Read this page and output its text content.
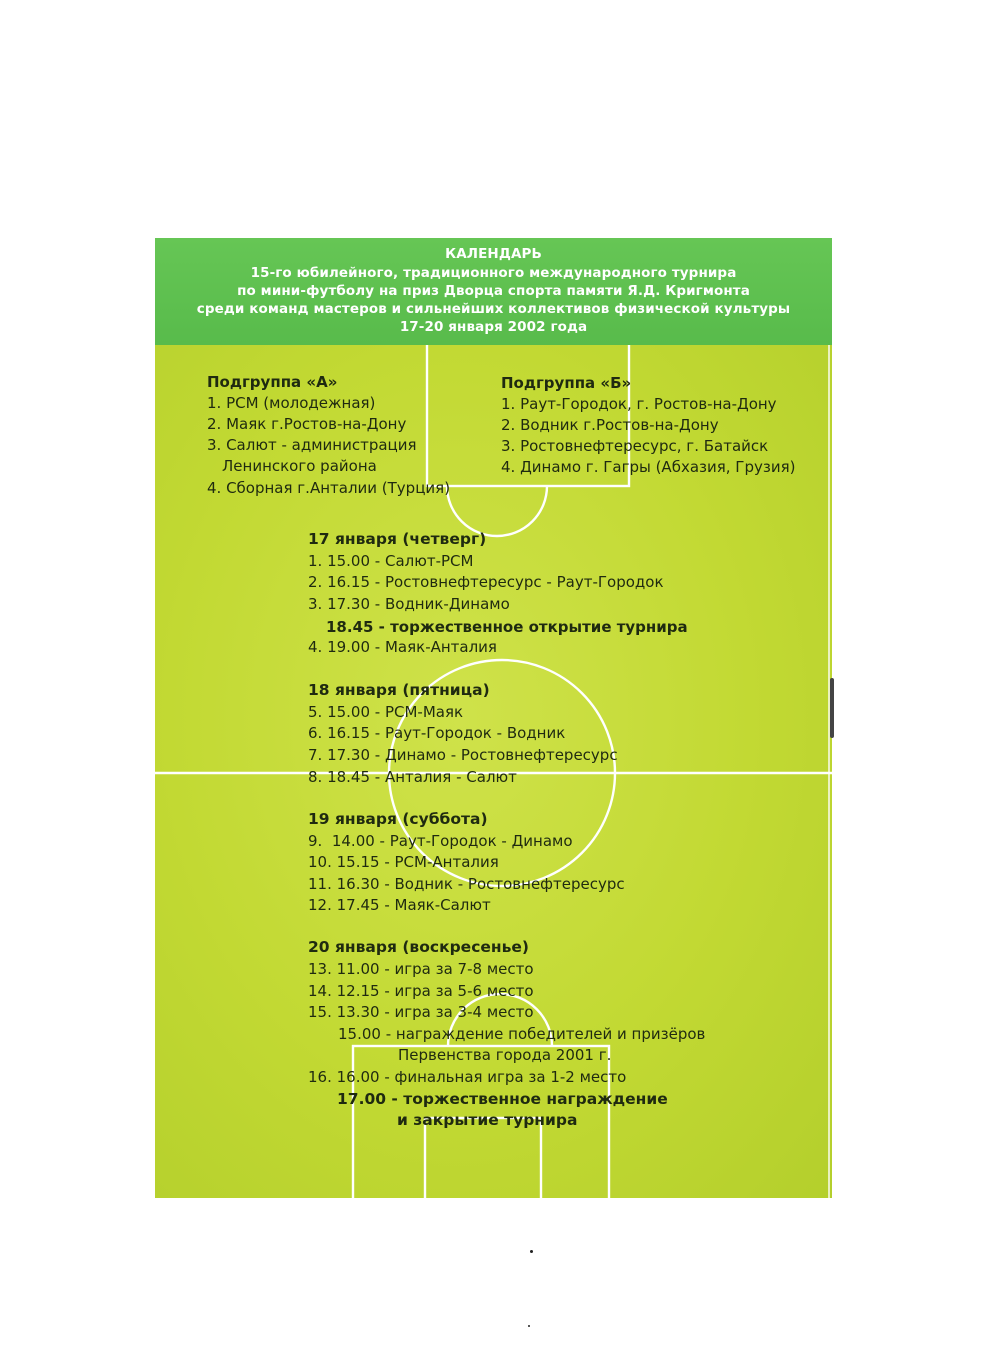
КАЛЕНДАРЬ
15-го юбилейного, традиционного международного турнира
по мини-футболу на приз Дворца спорта памяти Я.Д. Кригмонта
среди команд мастеров и сильнейших коллективов физической культуры
17-20 января 2002 года
Подгруппа «А»
1. РСМ (молодежная)
2. Маяк г.Ростов-на-Дону
3. Салют - администрация
Ленинского района
4. Сборная г.Анталии (Турция)
Подгруппа «Б»
1. Раут-Городок, г. Ростов-на-Дону
2. Водник г.Ростов-на-Дону
3. Ростовнефтересурс, г. Батайск
4. Динамо г. Гагры (Абхазия, Грузия)
17 января (четверг)
1. 15.00 - Салют-РСМ
2. 16.15 - Ростовнефтересурс - Раут-Городок
3. 17.30 - Водник-Динамо
18.45 - торжественное открытие турнира
4. 19.00 - Маяк-Анталия
18 января (пятница)
5. 15.00 - РСМ-Маяк
6. 16.15 - Раут-Городок - Водник
7. 17.30 - Динамо - Ростовнефтересурс
8. 18.45 - Анталия - Салют
19 января (суббота)
9.  14.00 - Раут-Городок - Динамо
10. 15.15 - РСМ-Анталия
11. 16.30 - Водник - Ростовнефтересурс
12. 17.45 - Маяк-Салют
20 января (воскресенье)
13. 11.00 - игра за 7-8 место
14. 12.15 - игра за 5-6 место
15. 13.30 - игра за 3-4 место
15.00 - награждение победителей и призёров
Первенства города 2001 г.
16. 16.00 - финальная игра за 1-2 место
17.00 - торжественное награждение
и закрытие турнира
